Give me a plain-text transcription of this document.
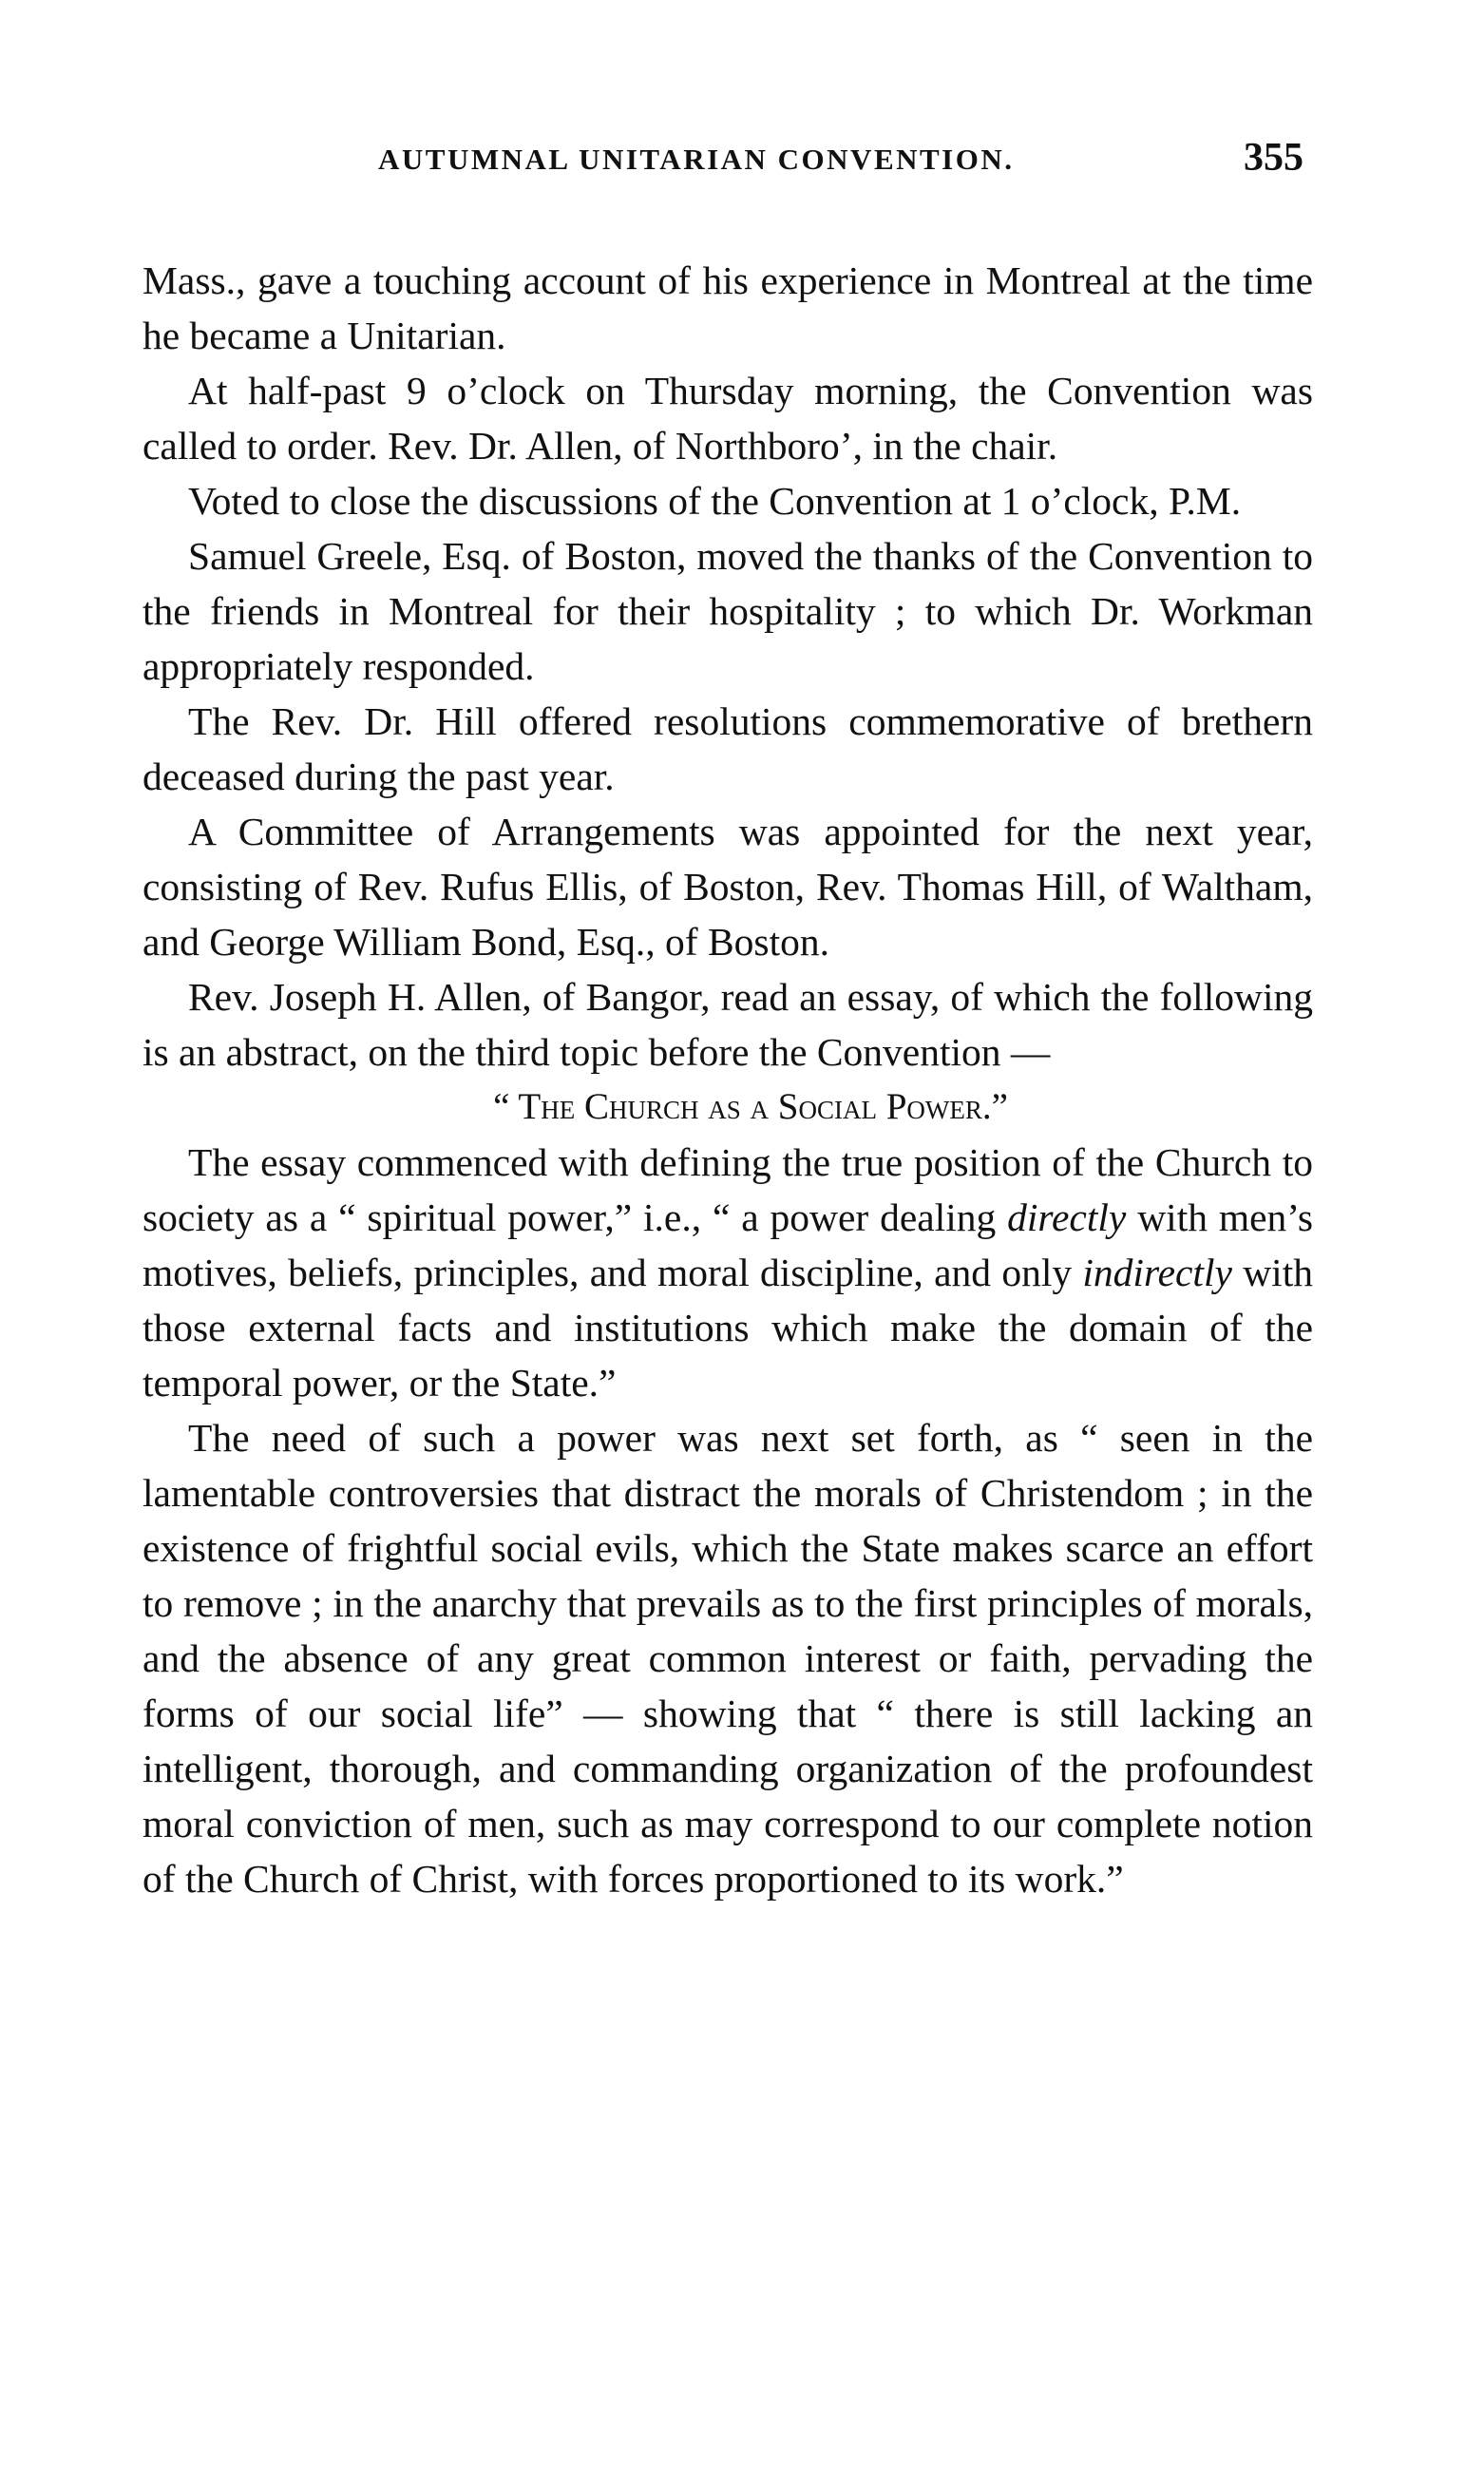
AUTUMNAL UNITARIAN CONVENTION.	355

Mass., gave a touching account of his experience in Montreal at the time he became a Unitarian.

At half-past 9 o’clock on Thursday morning, the Convention was called to order. Rev. Dr. Allen, of Northboro’, in the chair.

Voted to close the discussions of the Convention at 1 o’clock, P.M.

Samuel Greele, Esq. of Boston, moved the thanks of the Convention to the friends in Montreal for their hospitality ; to which Dr. Workman appropriately responded.

The Rev. Dr. Hill offered resolutions commemorative of brethern deceased during the past year.

A Committee of Arrangements was appointed for the next year, consisting of Rev. Rufus Ellis, of Boston, Rev. Thomas Hill, of Waltham, and George William Bond, Esq., of Boston.

Rev. Joseph H. Allen, of Bangor, read an essay, of which the following is an abstract, on the third topic before the Convention —

“ The Church as a Social Power.”

The essay commenced with defining the true position of the Church to society as a “ spiritual power,” i.e., “ a power dealing directly with men’s motives, beliefs, principles, and moral discipline, and only indirectly with those external facts and institutions which make the domain of the temporal power, or the State.”

The need of such a power was next set forth, as “ seen in the lamentable controversies that distract the morals of Christendom ; in the existence of frightful social evils, which the State makes scarce an effort to remove ; in the anarchy that prevails as to the first principles of morals, and the absence of any great common interest or faith, pervading the forms of our social life” — showing that “ there is still lacking an intelligent, thorough, and commanding organization of the profoundest moral conviction of men, such as may correspond to our complete notion of the Church of Christ, with forces proportioned to its work.”
